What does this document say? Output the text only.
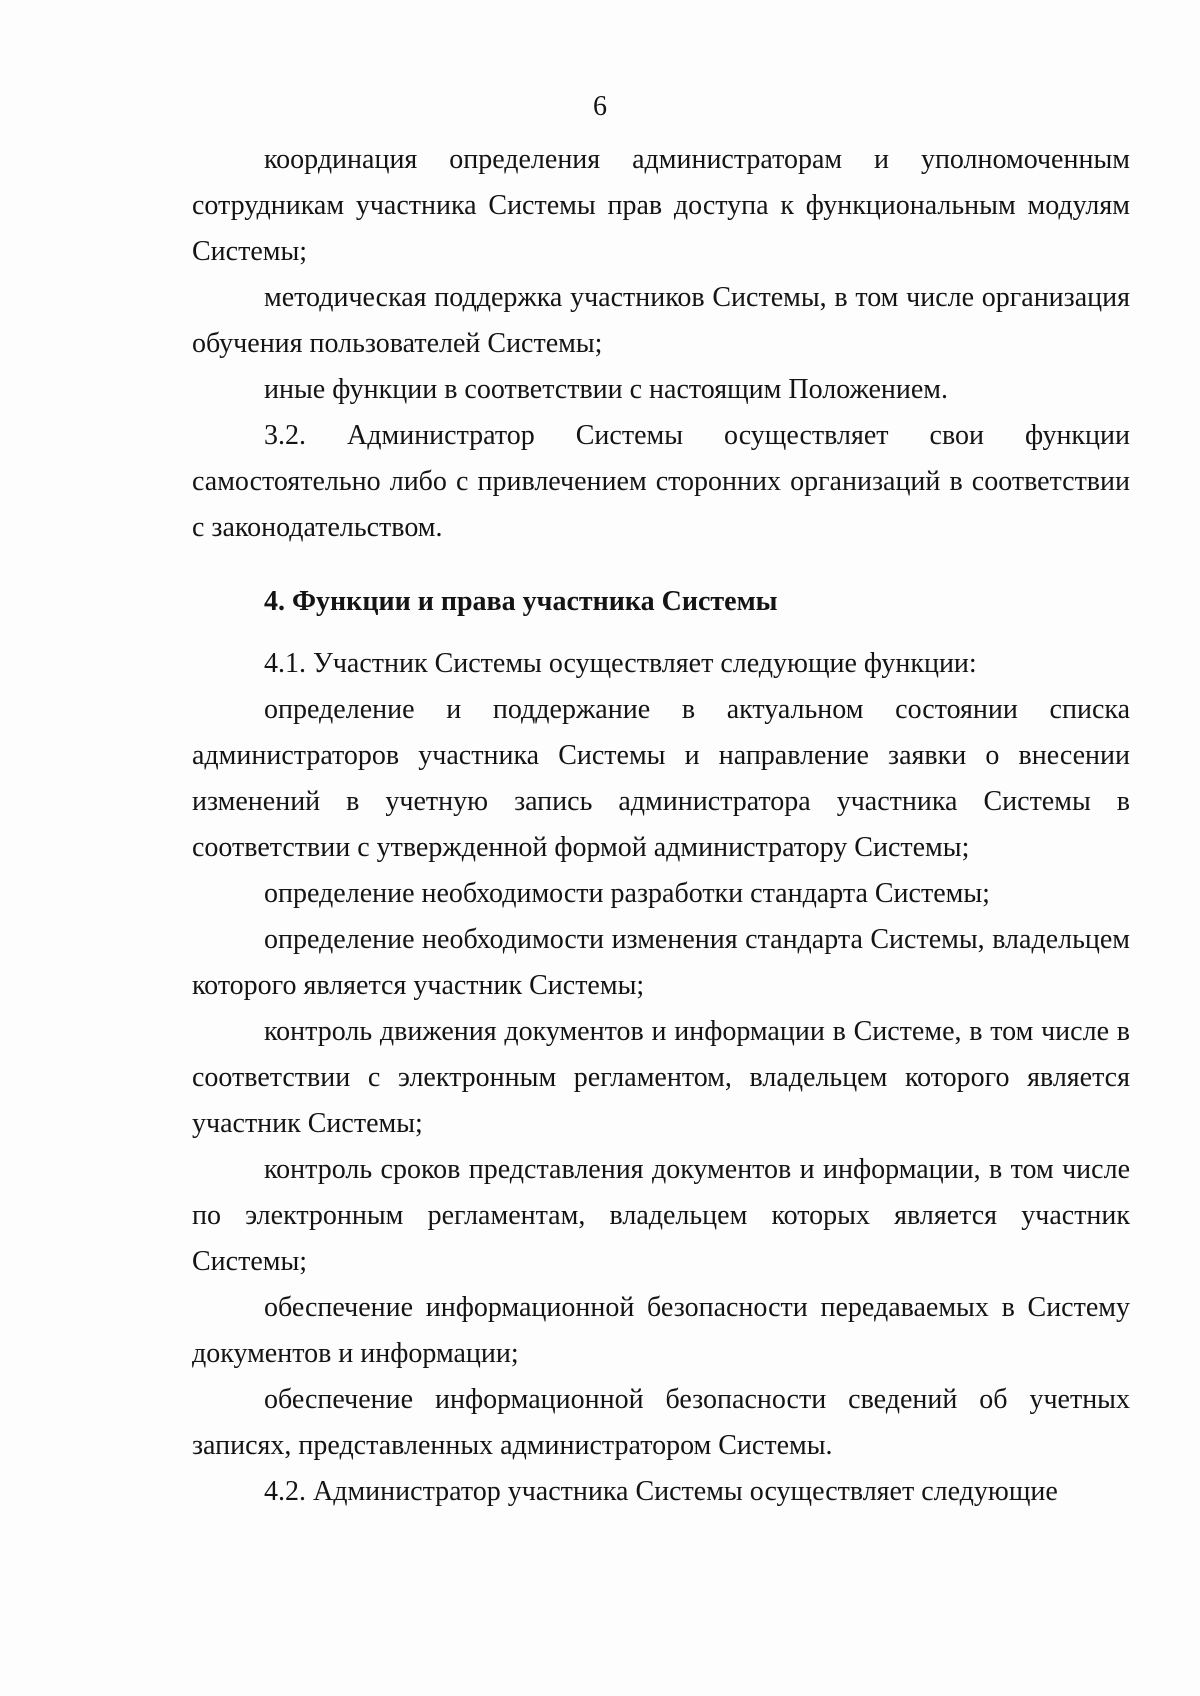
6

координация определения администраторам и уполномоченным сотрудникам участника Системы прав доступа к функциональным модулям Системы;

методическая поддержка участников Системы, в том числе организация обучения пользователей Системы;

иные функции в соответствии с настоящим Положением.

3.2. Администратор Системы осуществляет свои функции самостоятельно либо с привлечением сторонних организаций в соответствии с законодательством.

4. Функции и права участника Системы

4.1. Участник Системы осуществляет следующие функции:

определение и поддержание в актуальном состоянии списка администраторов участника Системы и направление заявки о внесении изменений в учетную запись администратора участника Системы в соответствии с утвержденной формой администратору Системы;

определение необходимости разработки стандарта Системы;

определение необходимости изменения стандарта Системы, владельцем которого является участник Системы;

контроль движения документов и информации в Системе, в том числе в соответствии с электронным регламентом, владельцем которого является участник Системы;

контроль сроков представления документов и информации, в том числе по электронным регламентам, владельцем которых является участник Системы;

обеспечение информационной безопасности передаваемых в Систему документов и информации;

обеспечение информационной безопасности сведений об учетных записях, представленных администратором Системы.

4.2. Администратор участника Системы осуществляет следующие
